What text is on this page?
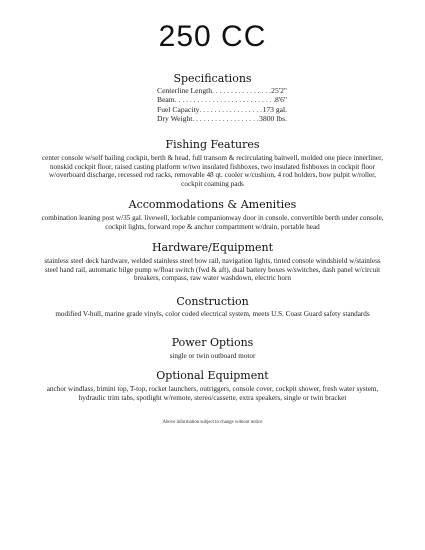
250 CC
Specifications
Centerline Length . . .	25'2"
Beam . . .	8'6"
Fuel Capacity . . .	173 gal.
Dry Weight . . .	3800 lbs.
Fishing Features
center console w/self bailing cockpit, berth & head, full transom & recirculating baitwell, molded one piece innerliner, nonskid cockpit floor, raised casting platform w/two insulated fishboxes, two insulated fishboxes in cockpit floor w/overboard discharge, recessed rod racks, removable 48 qt. cooler w/cushion, 4 rod holders, bow pulpit w/roller, cockpit coaming pads
Accommodations & Amenities
combination leaning post w/35 gal. livewell, lockable companionway door in console, convertible berth under console, cockpit lights, forward rope & anchor compartment w/drain, portable head
Hardware/Equipment
stainless steel deck hardware, welded stainless steel bow rail, navigation lights, tinted console windshield w/stainless steel hand rail, automatic bilge pump w/float switch (fwd & aft), dual battery boxes w/switches, dash panel w/circuit breakers, compass, raw water washdown, electric horn
Construction
modified V-hull, marine grade vinyls, color coded electrical system, meets U.S. Coast Guard safety standards
Power Options
single or twin outboard motor
Optional Equipment
anchor windlass, bimini top, T-top, rocket launchers, outriggers, console cover, cockpit shower, fresh water system, hydraulic trim tabs, spotlight w/remote, stereo/cassette, extra speakers, single or twin bracket
Above information subject to change without notice
